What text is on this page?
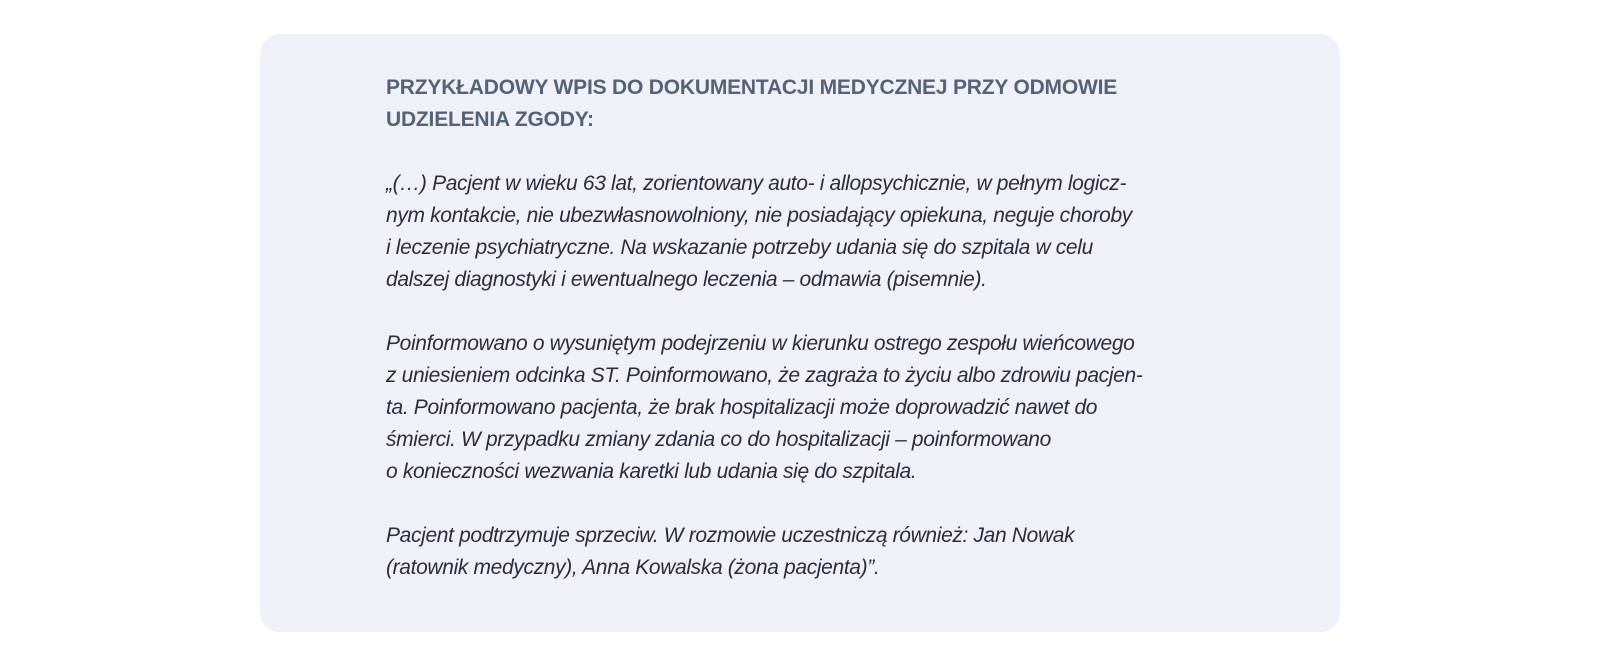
PRZYKŁADOWY WPIS DO DOKUMENTACJI MEDYCZNEJ PRZY ODMOWIE
UDZIELENIA ZGODY:
„(…) Pacjent w wieku 63 lat, zorientowany auto- i allopsychicznie, w pełnym logicz-
nym kontakcie, nie ubezwłasnowolniony, nie posiadający opiekuna, neguje choroby
i leczenie psychiatryczne. Na wskazanie potrzeby udania się do szpitala w celu
dalszej diagnostyki i ewentualnego leczenia – odmawia (pisemnie).
Poinformowano o wysuniętym podejrzeniu w kierunku ostrego zespołu wieńcowego
z uniesieniem odcinka ST. Poinformowano, że zagraża to życiu albo zdrowiu pacjen-
ta. Poinformowano pacjenta, że brak hospitalizacji może doprowadzić nawet do
śmierci. W przypadku zmiany zdania co do hospitalizacji – poinformowano
o konieczności wezwania karetki lub udania się do szpitala.
Pacjent podtrzymuje sprzeciw. W rozmowie uczestniczą również: Jan Nowak
(ratownik medyczny), Anna Kowalska (żona pacjenta)”.
